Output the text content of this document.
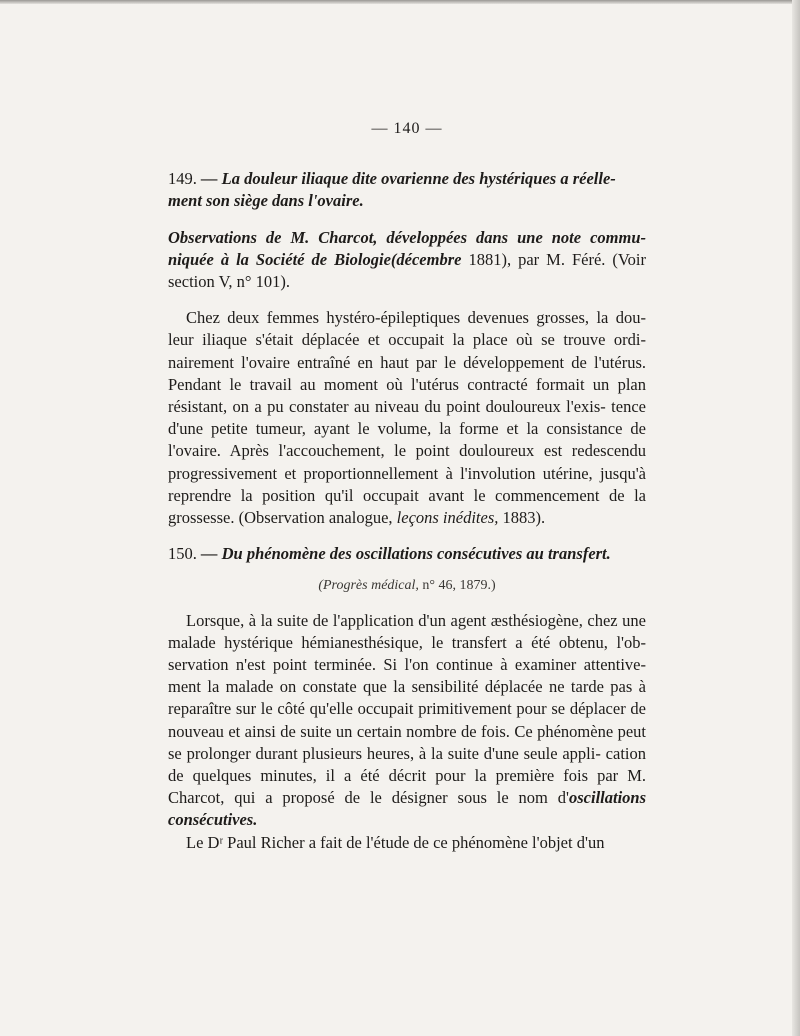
— 140 —
149. — La douleur iliaque dite ovarienne des hystériques a réelle-
ment son siège dans l'ovaire.

Observations de M. Charcot, développées dans une note commu- niquée à la Société de Biologie(décembre 1881), par M. Féré. (Voir section V, n° 101).

Chez deux femmes hystéro-épileptiques devenues grosses, la dou- leur iliaque s'était déplacée et occupait la place où se trouve ordi- nairement l'ovaire entraîné en haut par le développement de l'utérus. Pendant le travail au moment où l'utérus contracté formait un plan résistant, on a pu constater au niveau du point douloureux l'exis- tence d'une petite tumeur, ayant le volume, la forme et la consistance de l'ovaire. Après l'accouchement, le point douloureux est redescendu progressivement et proportionnellement à l'involution utérine, jusqu'à reprendre la position qu'il occupait avant le commencement de la grossesse. (Observation analogue, leçons inédites, 1883).

150. — Du phénomène des oscillations consécutives au transfert.
(Progrès médical, n° 46, 1879.)

Lorsque, à la suite de l'application d'un agent æsthésiogène, chez une malade hystérique hémianesthésique, le transfert a été obtenu, l'ob- servation n'est point terminée. Si l'on continue à examiner attentive- ment la malade on constate que la sensibilité déplacée ne tarde pas à reparaître sur le côté qu'elle occupait primitivement pour se déplacer de nouveau et ainsi de suite un certain nombre de fois. Ce phénomène peut se prolonger durant plusieurs heures, à la suite d'une seule appli- cation de quelques minutes, il a été décrit pour la première fois par M. Charcot, qui a proposé de le désigner sous le nom d'oscillations consécutives.

Le Dʳ Paul Richer a fait de l'étude de ce phénomène l'objet d'un
